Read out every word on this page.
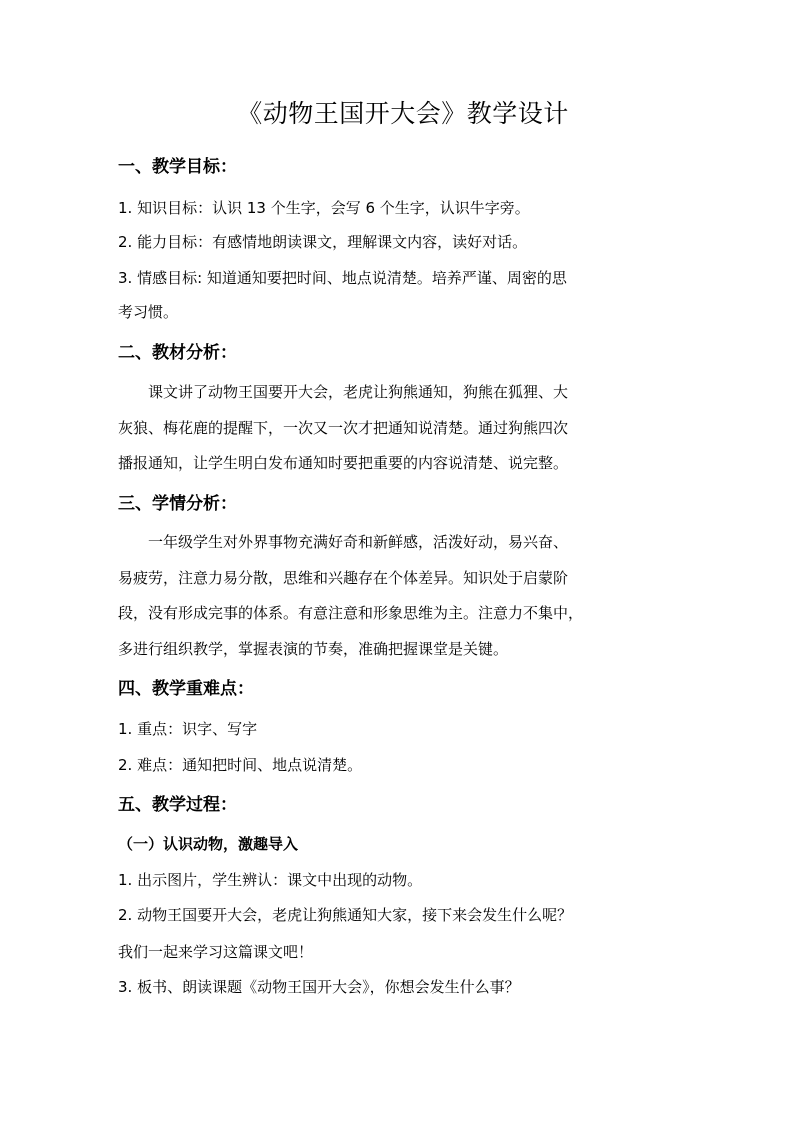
《动物王国开大会》教学设计
一、教学目标：
1. 知识目标：认识 13 个生字，会写 6 个生字，认识牛字旁。
2. 能力目标：有感情地朗读课文，理解课文内容，读好对话。
3. 情感目标: 知道通知要把时间、地点说清楚。培养严谨、周密的思
考习惯。
二、教材分析：
课文讲了动物王国要开大会，老虎让狗熊通知，狗熊在狐狸、大
灰狼、梅花鹿的提醒下，一次又一次才把通知说清楚。通过狗熊四次
播报通知，让学生明白发布通知时要把重要的内容说清楚、说完整。
三、学情分析：
一年级学生对外界事物充满好奇和新鲜感，活泼好动，易兴奋、
易疲劳，注意力易分散，思维和兴趣存在个体差异。知识处于启蒙阶
段，没有形成完事的体系。有意注意和形象思维为主。注意力不集中，
多进行组织教学，掌握表演的节奏，准确把握课堂是关键。
四、教学重难点：
1. 重点：识字、写字
2. 难点：通知把时间、地点说清楚。
五、教学过程：
（一）认识动物，激趣导入
1. 出示图片，学生辨认：课文中出现的动物。
2. 动物王国要开大会，老虎让狗熊通知大家，接下来会发生什么呢？
我们一起来学习这篇课文吧！
3. 板书、朗读课题《动物王国开大会》，你想会发生什么事？
